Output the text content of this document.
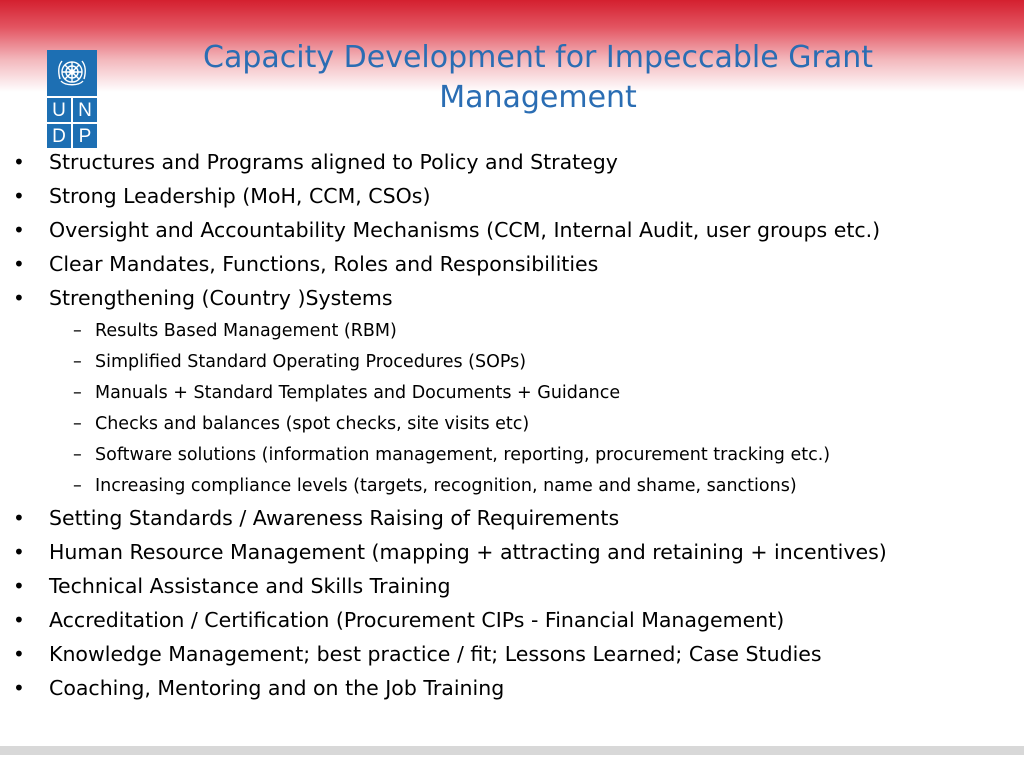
U N
D P
Capacity Development for Impeccable Grant Management
• Structures and Programs aligned to Policy and Strategy
• Strong Leadership (MoH, CCM, CSOs)
• Oversight and Accountability Mechanisms (CCM, Internal Audit, user groups etc.)
• Clear Mandates, Functions, Roles and Responsibilities
• Strengthening (Country )Systems
– Results Based Management (RBM)
– Simplified Standard Operating Procedures (SOPs)
– Manuals + Standard Templates and Documents + Guidance
– Checks and balances (spot checks, site visits etc)
– Software solutions (information management, reporting, procurement tracking etc.)
– Increasing compliance levels (targets, recognition, name and shame, sanctions)
• Setting Standards / Awareness Raising of Requirements
• Human Resource Management (mapping + attracting and retaining + incentives)
• Technical Assistance and Skills Training
• Accreditation / Certification (Procurement CIPs - Financial Management)
• Knowledge Management; best practice / fit; Lessons Learned; Case Studies
• Coaching, Mentoring and on the Job Training
